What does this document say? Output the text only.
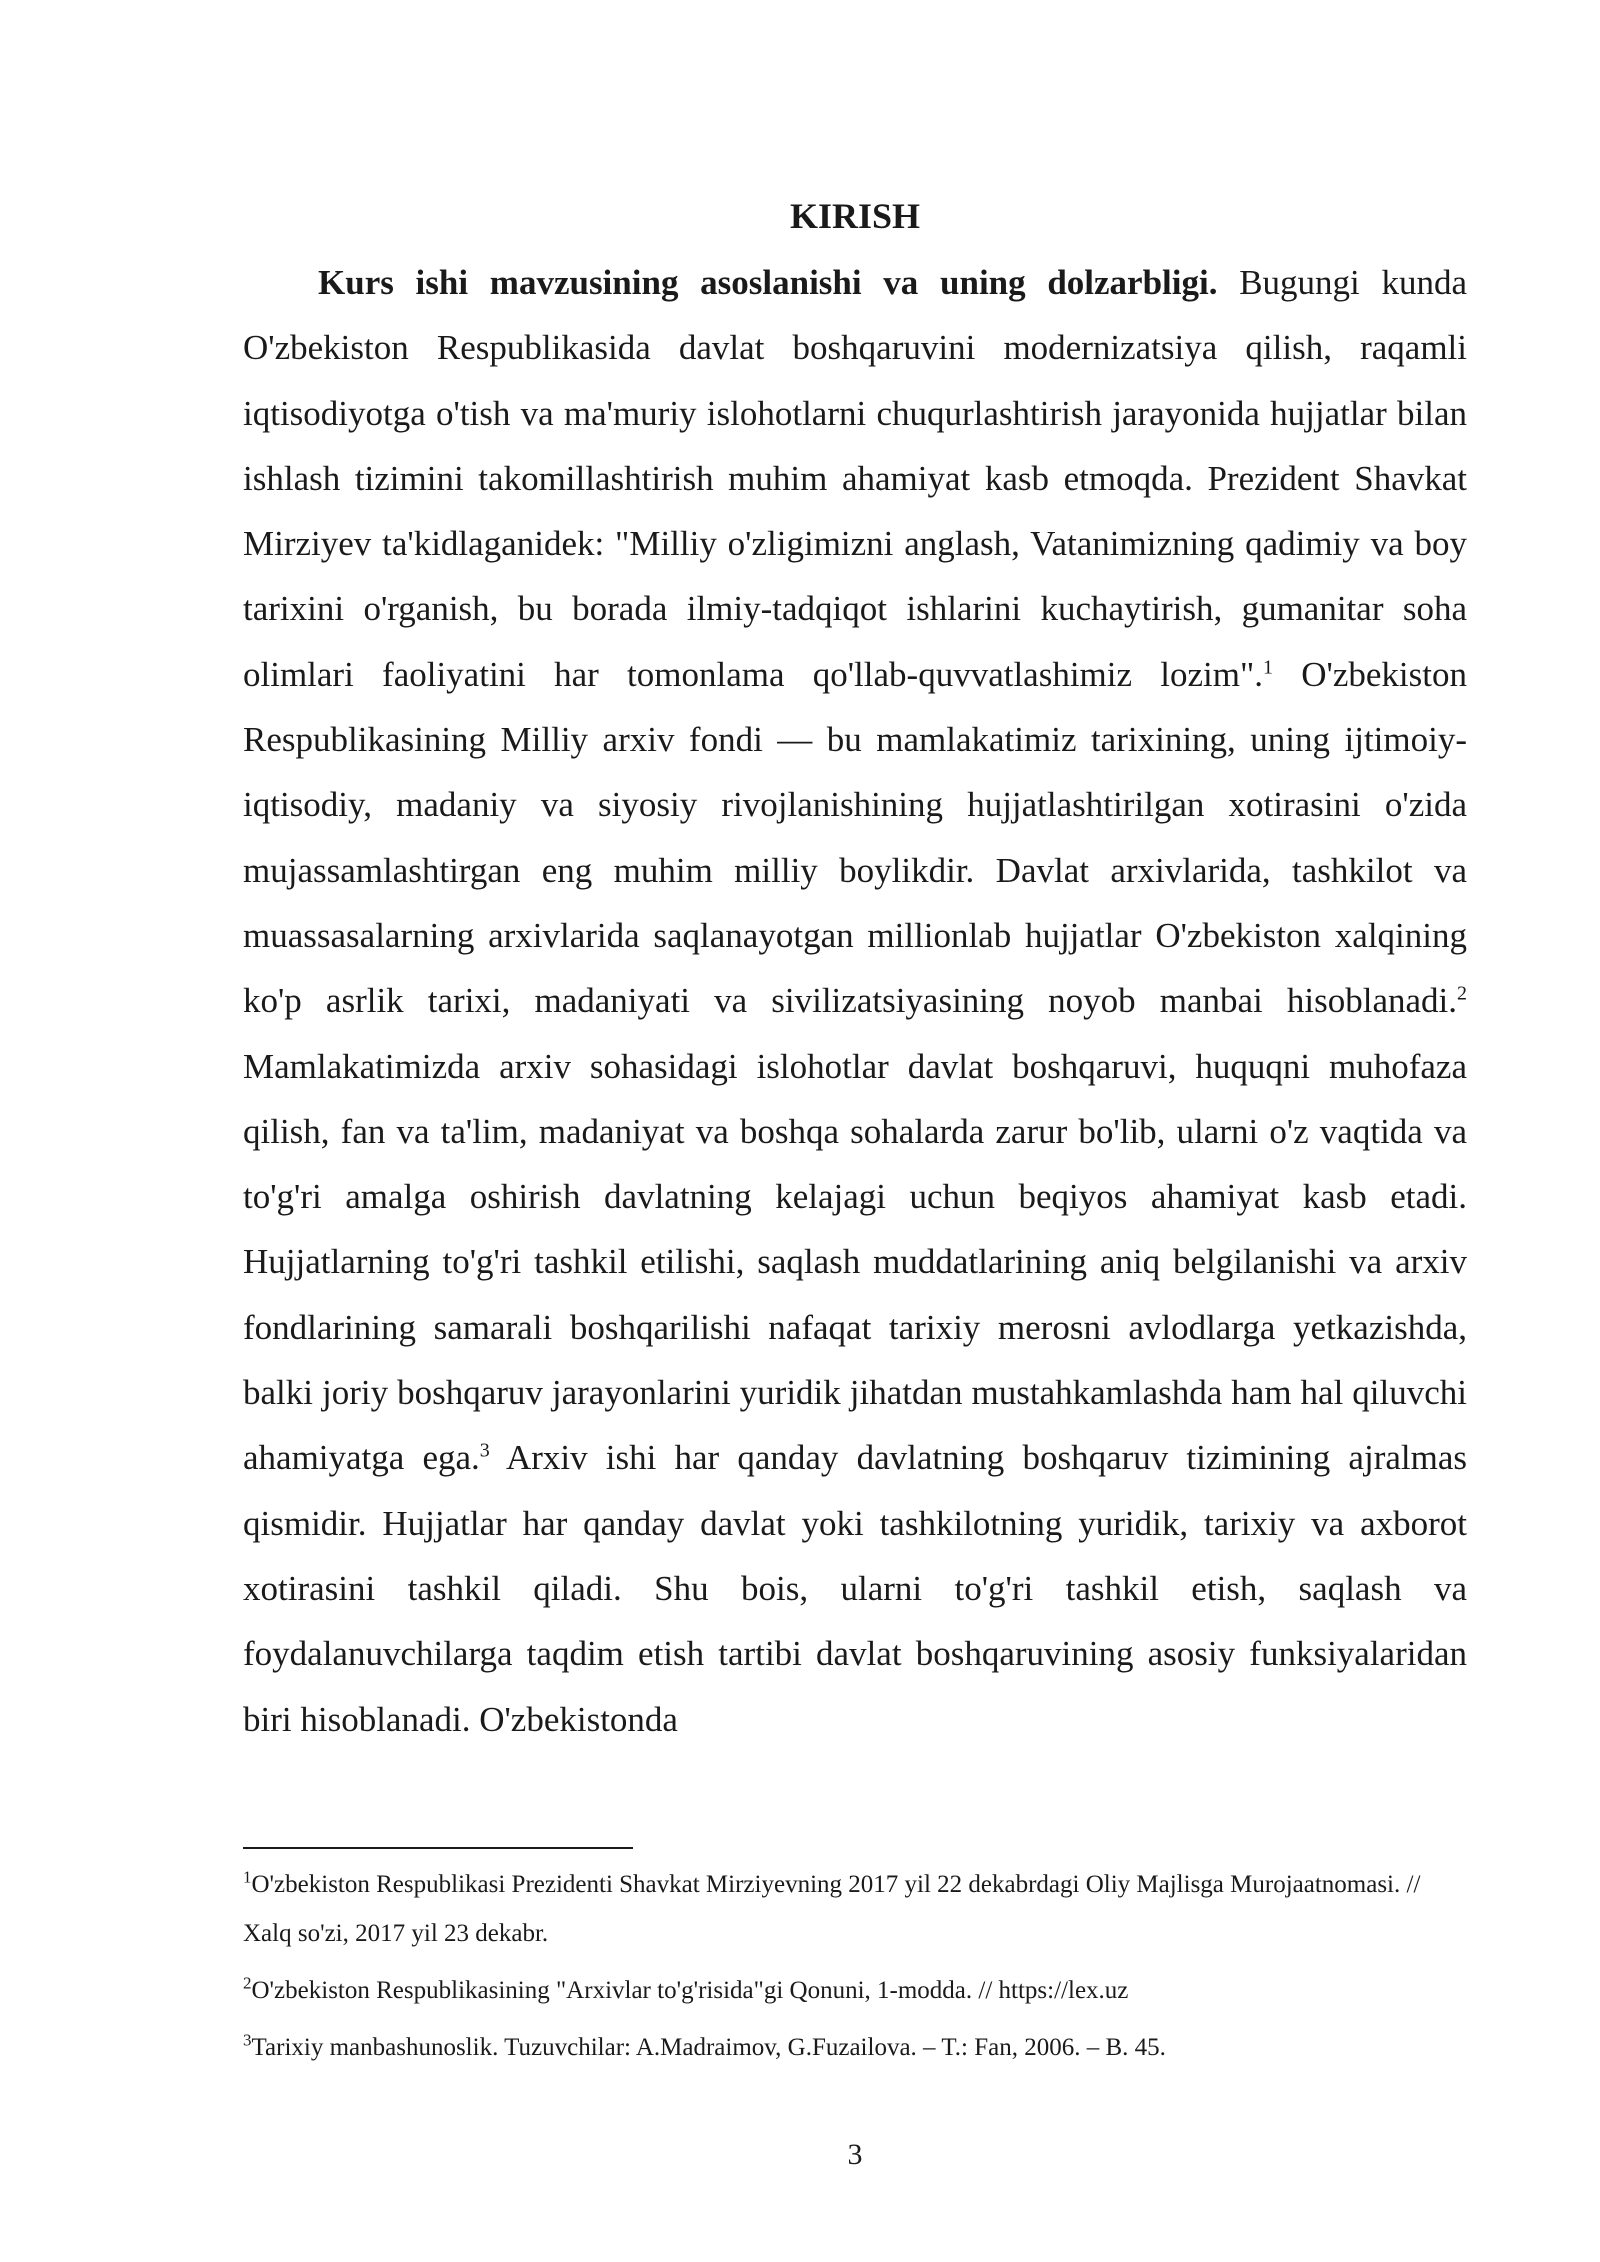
KIRISH

Kurs ishi mavzusining asoslanishi va uning dolzarbligi. Bugungi kunda O'zbekiston Respublikasida davlat boshqaruvini modernizatsiya qilish, raqamli iqtisodiyotga o'tish va ma'muriy islohotlarni chuqurlashtirish jarayonida hujjatlar bilan ishlash tizimini takomillashtirish muhim ahamiyat kasb etmoqda. Prezident Shavkat Mirziyev ta'kidlaganidek: "Milliy o'zligimizni anglash, Vatanimizning qadimiy va boy tarixini o'rganish, bu borada ilmiy-tadqiqot ishlarini kuchaytirish, gumanitar soha olimlari faoliyatini har tomonlama qo'llab-quvvatlashimiz lozim".$^1$ O'zbekiston Respublikasining Milliy arxiv fondi — bu mamlakatimiz tarixining, uning ijtimoiy-iqtisodiy, madaniy va siyosiy rivojlanishining hujjatlashtirilgan xotirasini o'zida mujassamlashtirgan eng muhim milliy boylikdir. Davlat arxivlarida, tashkilot va muassasalarning arxivlarida saqlanayotgan millionlab hujjatlar O'zbekiston xalqining ko'p asrlik tarixi, madaniyati va sivilizatsiyasining noyob manbai hisoblanadi.$^2$ Mamlakatimizda arxiv sohasidagi islohotlar davlat boshqaruvi, huquqni muhofaza qilish, fan va ta'lim, madaniyat va boshqa sohalarda zarur bo'lib, ularni o'z vaqtida va to'g'ri amalga oshirish davlatning kelajagi uchun beqiyos ahamiyat kasb etadi. Hujjatlarning to'g'ri tashkil etilishi, saqlash muddatlarining aniq belgilanishi va arxiv fondlarining samarali boshqarilishi nafaqat tarixiy merosni avlodlarga yetkazishda, balki joriy boshqaruv jarayonlarini yuridik jihatdan mustahkamlashda ham hal qiluvchi ahamiyatga ega.$^3$ Arxiv ishi har qanday davlatning boshqaruv tizimining ajralmas qismidir. Hujjatlar har qanday davlat yoki tashkilotning yuridik, tarixiy va axborot xotirasini tashkil qiladi. Shu bois, ularni to'g'ri tashkil etish, saqlash va foydalanuvchilarga taqdim etish tartibi davlat boshqaruvining asosiy funksiyalaridan biri hisoblanadi. O'zbekistonda

$^1$O'zbekiston Respublikasi Prezidenti Shavkat Mirziyevning 2017 yil 22 dekabrdagi Oliy Majlisga Murojaatnomasi. // Xalq so'zi, 2017 yil 23 dekabr.

$^2$O'zbekiston Respublikasining "Arxivlar to'g'risida"gi Qonuni, 1-modda. // https://lex.uz

$^3$Tarixiy manbashunoslik. Tuzuvchilar: A.Madraimov, G.Fuzailova. – T.: Fan, 2006. – B. 45.

3
